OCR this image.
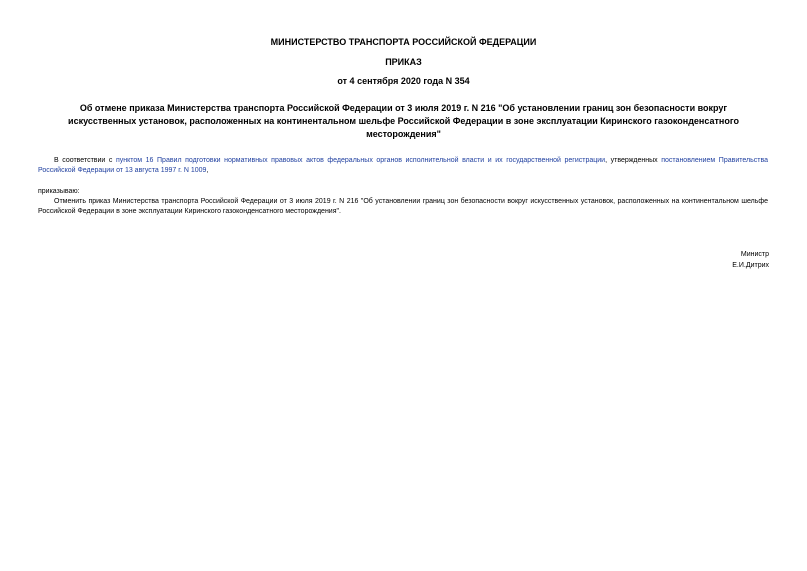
МИНИСТЕРСТВО ТРАНСПОРТА РОССИЙСКОЙ ФЕДЕРАЦИИ

ПРИКАЗ

от 4 сентября 2020 года N 354

Об отмене приказа Министерства транспорта Российской Федерации от 3 июля 2019 г. N 216 "Об установлении границ зон безопасности вокруг искусственных установок, расположенных на континентальном шельфе Российской Федерации в зоне эксплуатации Киринского газоконденсатного месторождения"

В соответствии с пунктом 16 Правил подготовки нормативных правовых актов федеральных органов исполнительной власти и их государственной регистрации, утвержденных постановлением Правительства Российской Федерации от 13 августа 1997 г. N 1009,

приказываю:

Отменить приказ Министерства транспорта Российской Федерации от 3 июля 2019 г. N 216 "Об установлении границ зон безопасности вокруг искусственных установок, расположенных на континентальном шельфе Российской Федерации в зоне эксплуатации Киринского газоконденсатного месторождения".

Министр

Е.И.Дитрих
